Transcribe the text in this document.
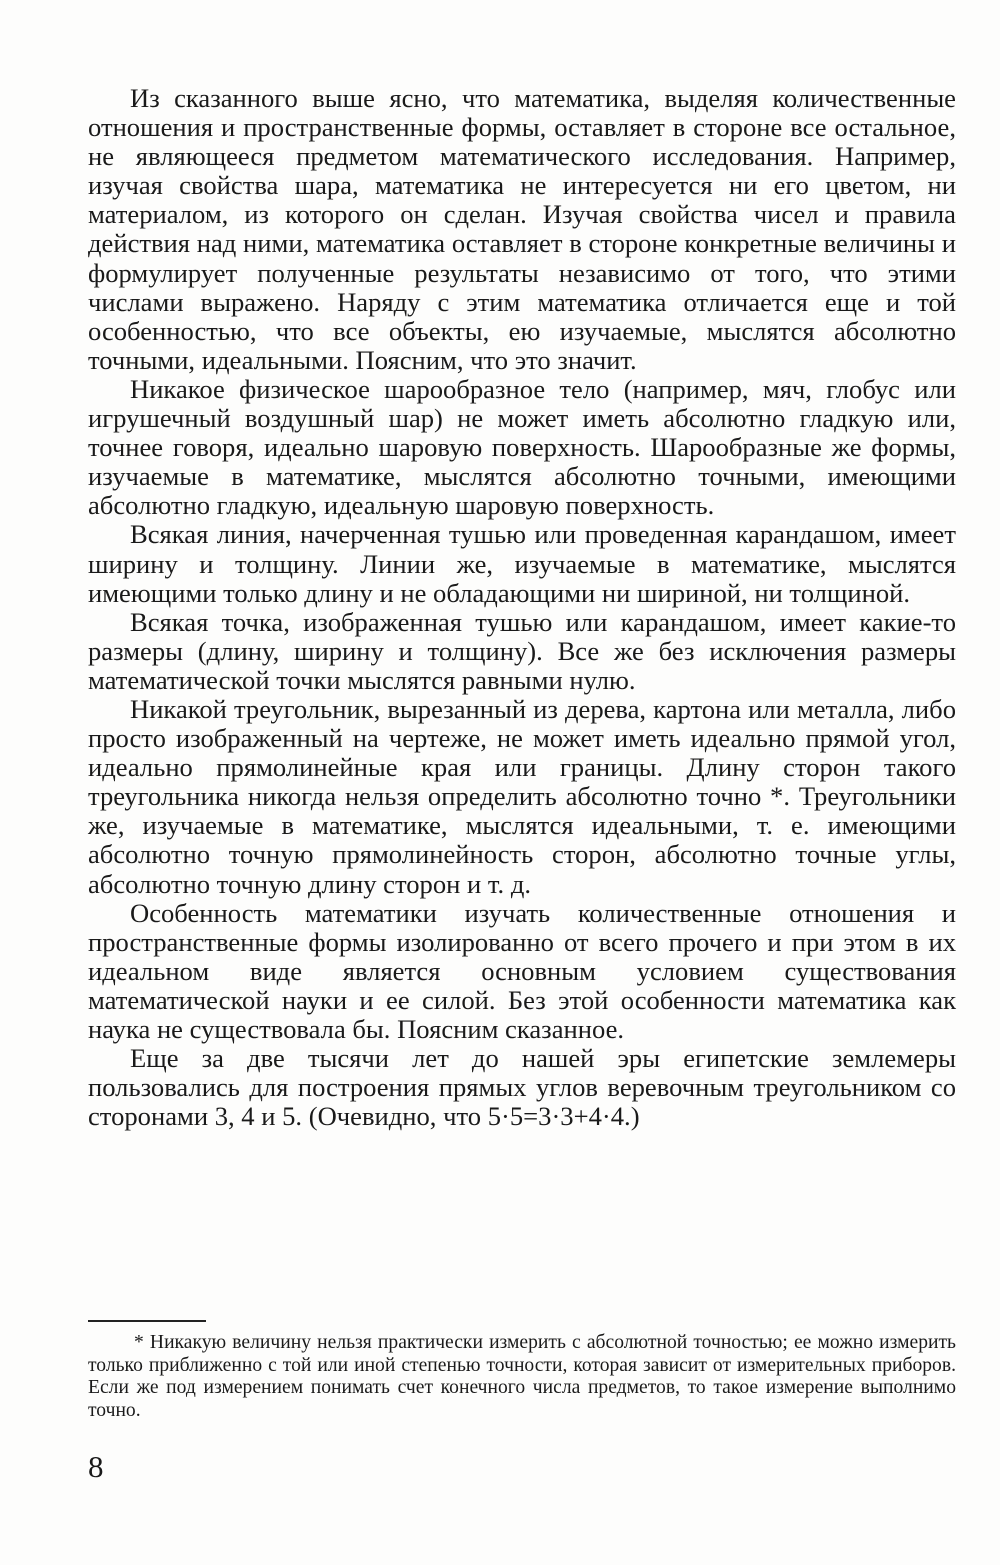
Из сказанного выше ясно, что математика, выделяя количественные отношения и пространственные формы, оставляет в стороне все остальное, не являющееся предметом математического исследования. Например, изучая свойства шара, математика не интересуется ни его цветом, ни материалом, из которого он сделан. Изучая свойства чисел и правила действия над ними, математика оставляет в стороне конкретные величины и формулирует полученные результаты независимо от того, что этими числами выражено. Наряду с этим математика отличается еще и той особенностью, что все объекты, ею изучаемые, мыслятся абсолютно точными, идеальными. Поясним, что это значит.

Никакое физическое шарообразное тело (например, мяч, глобус или игрушечный воздушный шар) не может иметь абсолютно гладкую или, точнее говоря, идеально шаровую поверхность. Шарообразные же формы, изучаемые в математике, мыслятся абсолютно точными, имеющими абсолютно гладкую, идеальную шаровую поверхность.

Всякая линия, начерченная тушью или проведенная карандашом, имеет ширину и толщину. Линии же, изучаемые в математике, мыслятся имеющими только длину и не обладающими ни шириной, ни толщиной.

Всякая точка, изображенная тушью или карандашом, имеет какие-то размеры (длину, ширину и толщину). Все же без исключения размеры математической точки мыслятся равными нулю.

Никакой треугольник, вырезанный из дерева, картона или металла, либо просто изображенный на чертеже, не может иметь идеально прямой угол, идеально прямолинейные края или границы. Длину сторон такого треугольника никогда нельзя определить абсолютно точно *. Треугольники же, изучаемые в математике, мыслятся идеальными, т. е. имеющими абсолютно точную прямолинейность сторон, абсолютно точные углы, абсолютно точную длину сторон и т. д.

Особенность математики изучать количественные отношения и пространственные формы изолированно от всего прочего и при этом в их идеальном виде является основным условием существования математической науки и ее силой. Без этой особенности математика как наука не существовала бы. Поясним сказанное.

Еще за две тысячи лет до нашей эры египетские землемеры пользовались для построения прямых углов веревочным треугольником со сторонами 3, 4 и 5. (Очевидно, что 5·5=3·3+4·4.)

* Никакую величину нельзя практически измерить с абсолютной точностью; ее можно измерить только приближенно с той или иной степенью точности, которая зависит от измерительных приборов. Если же под измерением понимать счет конечного числа предметов, то такое измерение выполнимо точно.

8
